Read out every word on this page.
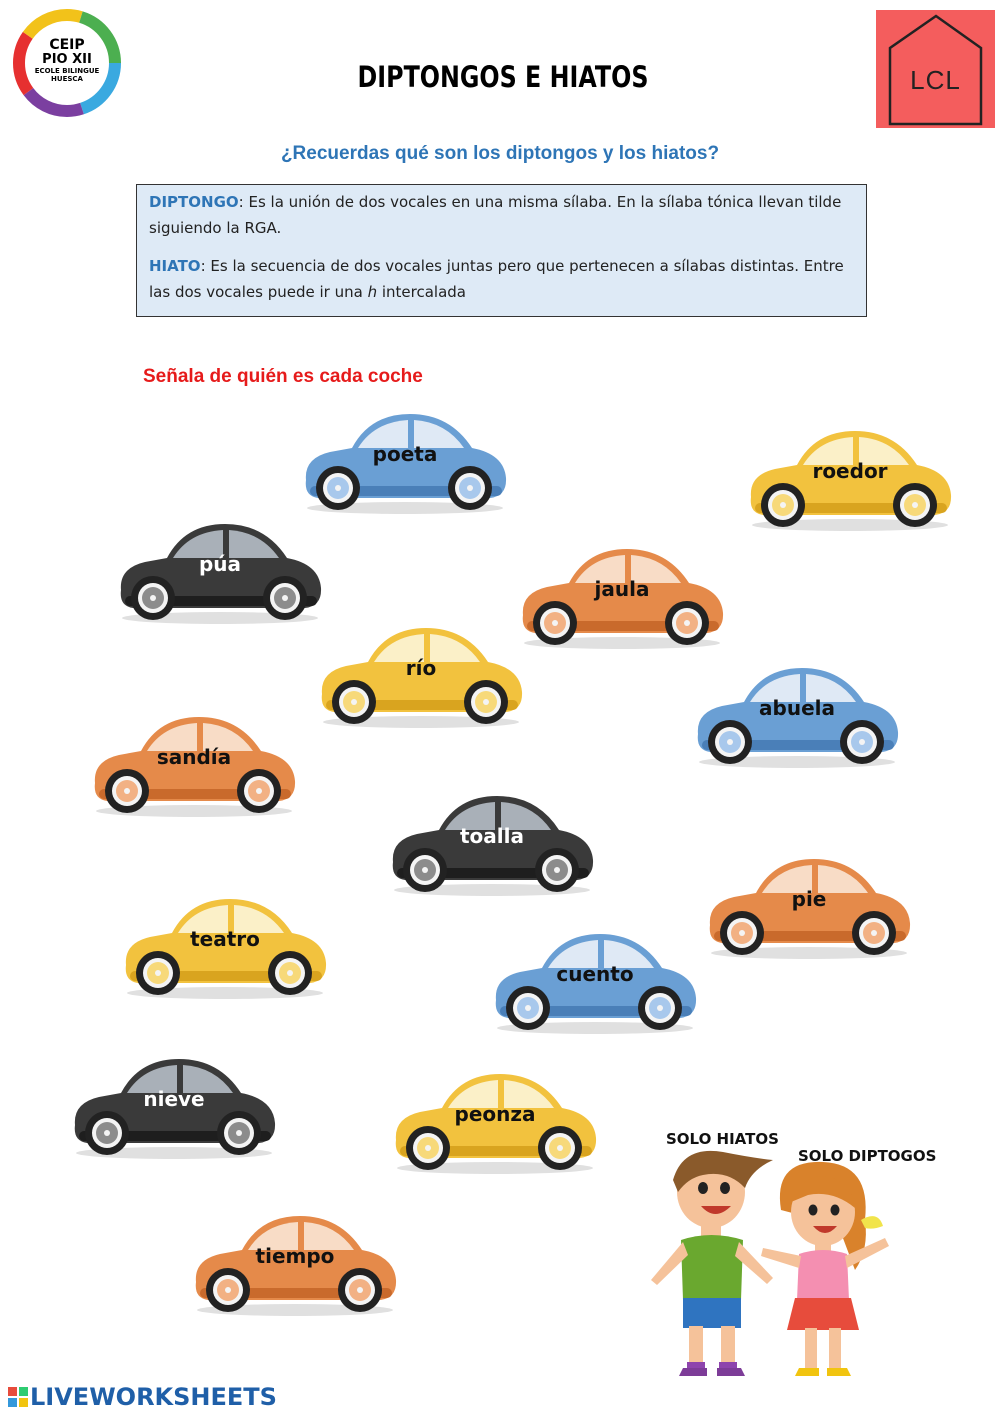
CEIP
PIO XII
ECOLE BILINGUE
HUESCA	DIPTONGOS E HIATOS	LCL
¿Recuerdas qué son los diptongos y los hiatos?

DIPTONGO: Es la unión de dos vocales en una misma sílaba. En la sílaba tónica llevan tilde siguiendo la RGA.

HIATO: Es la secuencia de dos vocales juntas pero que pertenecen a sílabas distintas. Entre las dos vocales puede ir una h intercalada

Señala de quién es cada coche
poeta
roedor
púa
jaula
río
abuela
sandía
toalla
pie
teatro
cuento
nieve
peonza
tiempo
SOLO HIATOS
SOLO DIPTOGOS
LIVEWORKSHEETS
